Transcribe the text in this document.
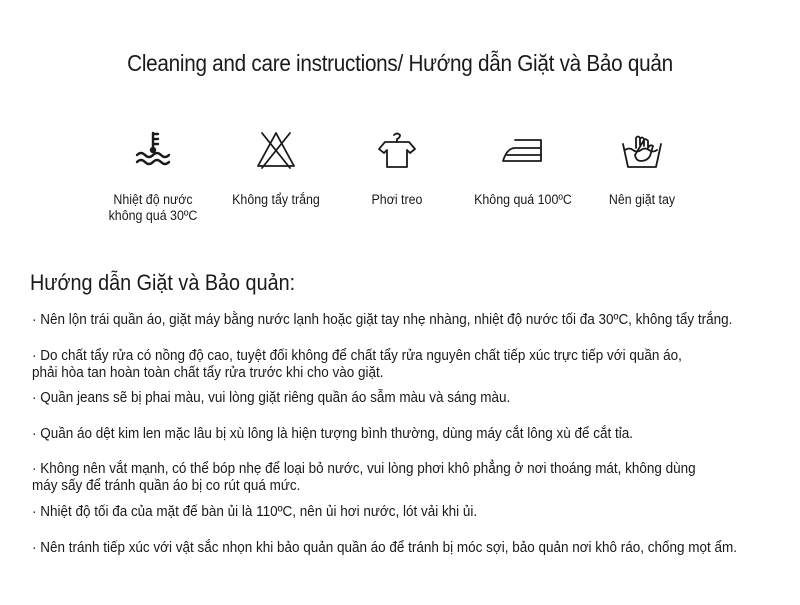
Cleaning and care instructions/ Hướng dẫn Giặt và Bảo quản
Nhiệt độ nước
không quá 30ºC
Không tẩy trắng	Phơi treo	Không quá 100ºC	Nên giặt tay
Hướng dẫn Giặt và Bảo quản:
· Nên lộn trái quần áo, giặt máy bằng nước lạnh hoặc giặt tay nhẹ nhàng, nhiệt độ nước tối đa 30ºC, không tẩy trắng.
· Do chất tẩy rửa có nồng độ cao, tuyệt đối không để chất tẩy rửa nguyên chất tiếp xúc trực tiếp với quần áo,
phải hòa tan hoàn toàn chất tẩy rửa trước khi cho vào giặt.
· Quần jeans sẽ bị phai màu, vui lòng giặt riêng quần áo sẫm màu và sáng màu.
· Quần áo dệt kim len mặc lâu bị xù lông là hiện tượng bình thường, dùng máy cắt lông xù để cắt tỉa.
· Không nên vắt mạnh, có thể bóp nhẹ để loại bỏ nước, vui lòng phơi khô phẳng ở nơi thoáng mát, không dùng
máy sấy để tránh quần áo bị co rút quá mức.
· Nhiệt độ tối đa của mặt đế bàn ủi là 110ºC, nên ủi hơi nước, lót vải khi ủi.
· Nên tránh tiếp xúc với vật sắc nhọn khi bảo quản quần áo để tránh bị móc sợi, bảo quản nơi khô ráo, chống mọt ẩm.
